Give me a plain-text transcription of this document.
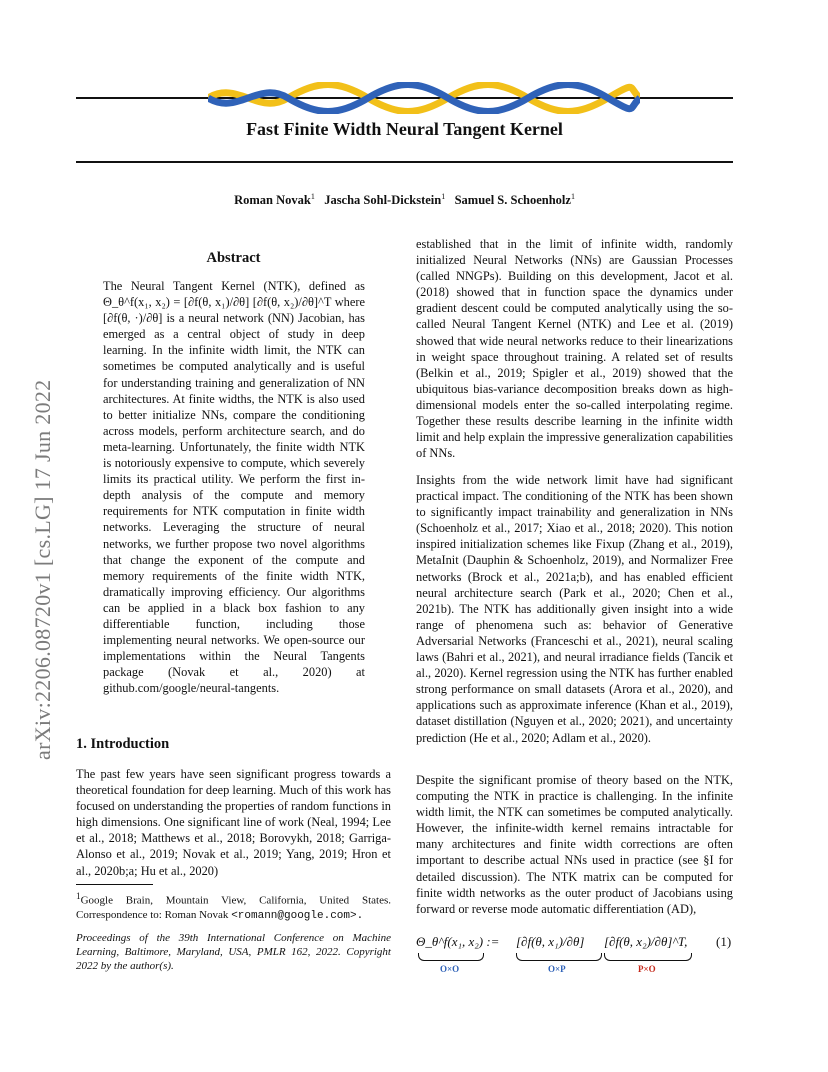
Fast Finite Width Neural Tangent Kernel
Roman Novak$^1$ Jascha Sohl-Dickstein$^1$ Samuel S. Schoenholz$^1$
arXiv:2206.08720v1 [cs.LG] 17 Jun 2022
Abstract
The Neural Tangent Kernel (NTK), defined as Θ_θ^f(x₁, x₂) = [∂f(θ, x₁)/∂θ] [∂f(θ, x₂)/∂θ]^T where [∂f(θ, ·)/∂θ] is a neural network (NN) Jacobian, has emerged as a central object of study in deep learning. In the infinite width limit, the NTK can sometimes be computed analytically and is useful for understanding training and generalization of NN architectures. At finite widths, the NTK is also used to better initialize NNs, compare the conditioning across models, perform architecture search, and do meta-learning. Unfortunately, the finite width NTK is notoriously expensive to compute, which severely limits its practical utility. We perform the first in-depth analysis of the compute and memory requirements for NTK computation in finite width networks. Leveraging the structure of neural networks, we further propose two novel algorithms that change the exponent of the compute and memory requirements of the finite width NTK, dramatically improving efficiency. Our algorithms can be applied in a black box fashion to any differentiable function, including those implementing neural networks. We open-source our implementations within the Neural Tangents package (Novak et al., 2020) at github.com/google/neural-tangents.
1. Introduction
The past few years have seen significant progress towards a theoretical foundation for deep learning. Much of this work has focused on understanding the properties of random functions in high dimensions. One significant line of work (Neal, 1994; Lee et al., 2018; Matthews et al., 2018; Borovykh, 2018; Garriga-Alonso et al., 2019; Novak et al., 2019; Yang, 2019; Hron et al., 2020b;a; Hu et al., 2020)
$^1$Google Brain, Mountain View, California, United States. Correspondence to: Roman Novak <romann@google.com>.
Proceedings of the 39th International Conference on Machine Learning, Baltimore, Maryland, USA, PMLR 162, 2022. Copyright 2022 by the author(s).
established that in the limit of infinite width, randomly initialized Neural Networks (NNs) are Gaussian Processes (called NNGPs). Building on this development, Jacot et al. (2018) showed that in function space the dynamics under gradient descent could be computed analytically using the so-called Neural Tangent Kernel (NTK) and Lee et al. (2019) showed that wide neural networks reduce to their linearizations in weight space throughout training. A related set of results (Belkin et al., 2019; Spigler et al., 2019) showed that the ubiquitous bias-variance decomposition breaks down as high-dimensional models enter the so-called interpolating regime. Together these results describe learning in the infinite width limit and help explain the impressive generalization capabilities of NNs.
Insights from the wide network limit have had significant practical impact. The conditioning of the NTK has been shown to significantly impact trainability and generalization in NNs (Schoenholz et al., 2017; Xiao et al., 2018; 2020). This notion inspired initialization schemes like Fixup (Zhang et al., 2019), MetaInit (Dauphin & Schoenholz, 2019), and Normalizer Free networks (Brock et al., 2021a;b), and has enabled efficient neural architecture search (Park et al., 2020; Chen et al., 2021b). The NTK has additionally given insight into a wide range of phenomena such as: behavior of Generative Adversarial Networks (Franceschi et al., 2021), neural scaling laws (Bahri et al., 2021), and neural irradiance fields (Tancik et al., 2020). Kernel regression using the NTK has further enabled strong performance on small datasets (Arora et al., 2020), and applications such as approximate inference (Khan et al., 2019), dataset distillation (Nguyen et al., 2020; 2021), and uncertainty prediction (He et al., 2020; Adlam et al., 2020).
Despite the significant promise of theory based on the NTK, computing the NTK in practice is challenging. In the infinite width limit, the NTK can sometimes be computed analytically. However, the infinite-width kernel remains intractable for many architectures and finite width corrections are often important to describe actual NNs used in practice (see §I for detailed discussion). The NTK matrix can be computed for finite width networks as the outer product of Jacobians using forward or reverse mode automatic differentiation (AD),
Θ_θ^f(x₁, x₂) := [∂f(θ, x₁)/∂θ] [∂f(θ, x₂)/∂θ]^T, (1)
O×O	O×P	P×O
